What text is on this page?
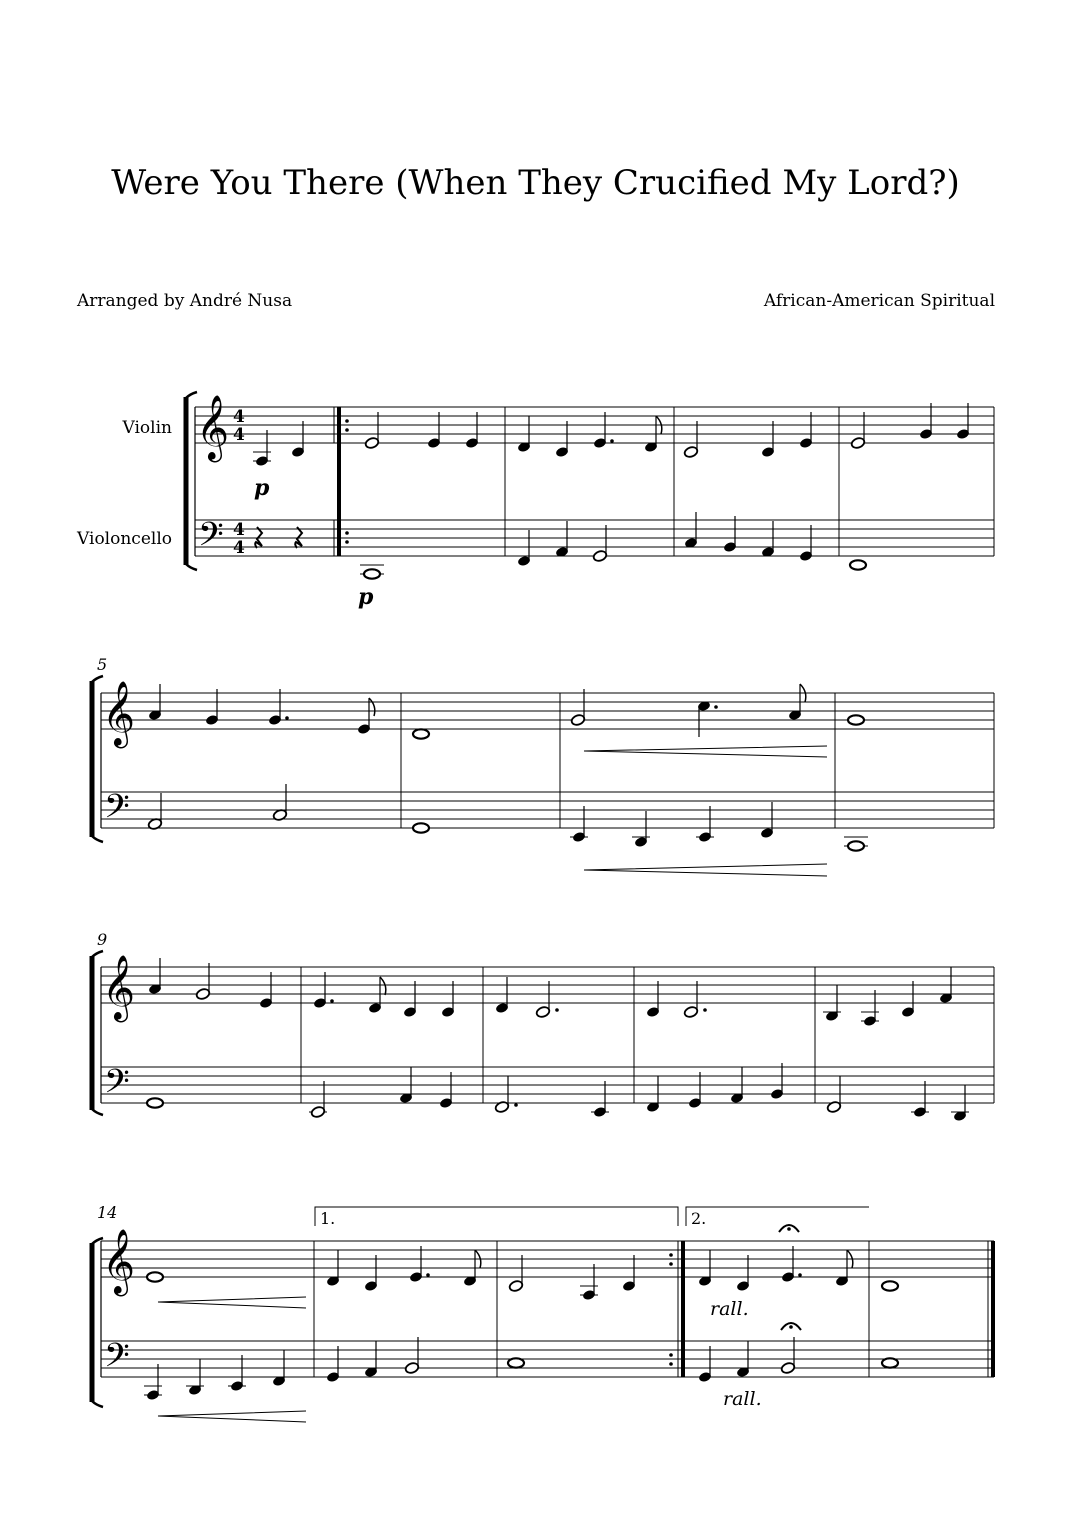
Were You There (When They Crucified My Lord?)
Arranged by André Nusa	African-American Spiritual
Violin
Violoncello
𝄞
𝄢
4
4
4
4
p
p
5
𝄞
𝄢
9
𝄞
𝄢
14
𝄞
𝄢
1.	2.
rall.
rall.
